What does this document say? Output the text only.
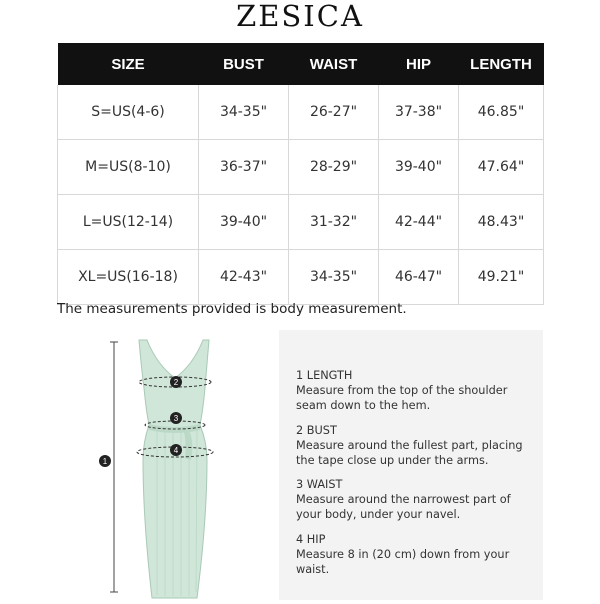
ZESICA
SIZE	BUST	WAIST	HIP	LENGTH
S=US(4-6)	34-35"	26-27"	37-38"	46.85"
M=US(8-10)	36-37"	28-29"	39-40"	47.64"
L=US(12-14)	39-40"	31-32"	42-44"	48.43"
XL=US(16-18)	42-43"	34-35"	46-47"	49.21"
The measurements provided is body measurement.
1
2
3
4
1 LENGTH
Measure from the top of the shoulder seam down to the hem.
2 BUST
Measure around the fullest part, placing the tape close up under the arms.
3 WAIST
Measure around the narrowest part of your body, under your navel.
4 HIP
Measure 8 in (20 cm) down from your waist.
